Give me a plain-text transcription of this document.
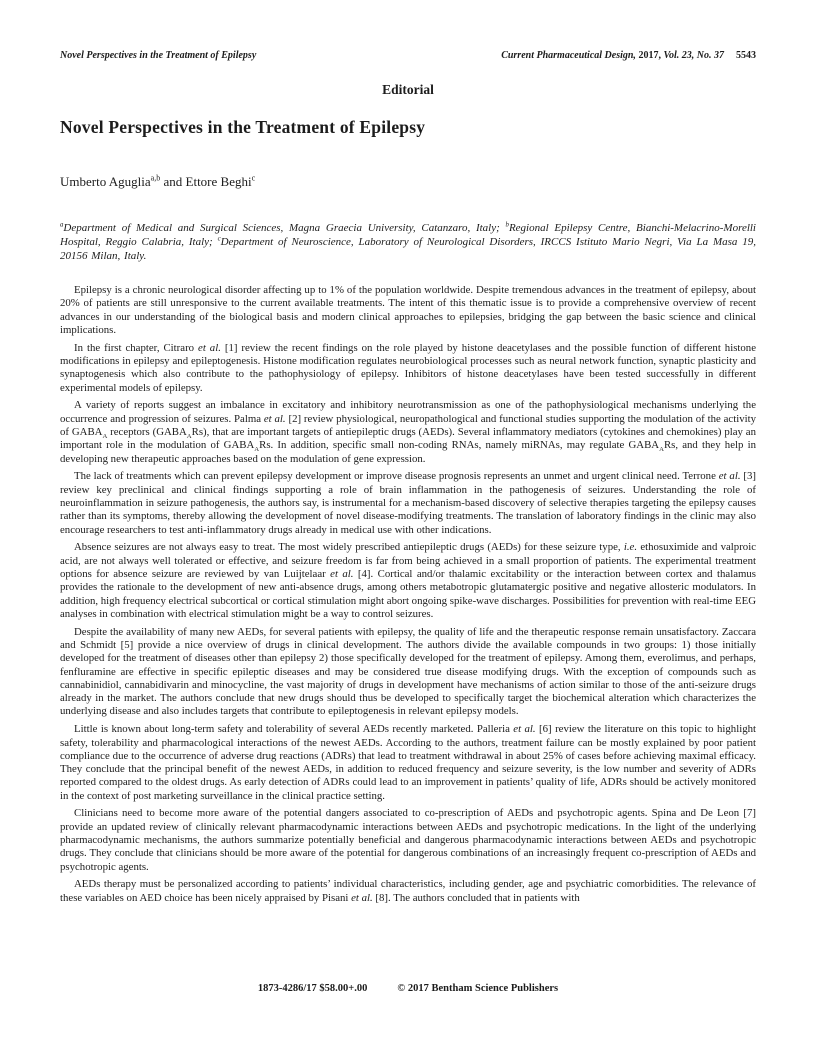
Novel Perspectives in the Treatment of Epilepsy	Current Pharmaceutical Design, 2017, Vol. 23, No. 37 5543
Editorial
Novel Perspectives in the Treatment of Epilepsy
Umberto Aguglia$^{a,b}$ and Ettore Beghi$^c$
$^a$Department of Medical and Surgical Sciences, Magna Graecia University, Catanzaro, Italy; $^b$Regional Epilepsy Centre, Bianchi-Melacrino-Morelli Hospital, Reggio Calabria, Italy; $^c$Department of Neuroscience, Laboratory of Neurological Disorders, IRCCS Istituto Mario Negri, Via La Masa 19, 20156 Milan, Italy.

Epilepsy is a chronic neurological disorder affecting up to 1% of the population worldwide. Despite tremendous advances in the treatment of epilepsy, about 20% of patients are still unresponsive to the current available treatments. The intent of this thematic issue is to provide a comprehensive overview of recent advances in our understanding of the biological basis and modern clinical approaches to epilepsies, bridging the gap between the basic science and clinical implications.

In the first chapter, Citraro et al. [1] review the recent findings on the role played by histone deacetylases and the possible function of different histone modifications in epilepsy and epileptogenesis. Histone modification regulates neurobiological processes such as neural network function, synaptic plasticity and synaptogenesis which also contribute to the pathophysiology of epilepsy. Inhibitors of histone deacetylases have been tested successfully in different experimental models of epilepsy.

A variety of reports suggest an imbalance in excitatory and inhibitory neurotransmission as one of the pathophysiological mechanisms underlying the occurrence and progression of seizures. Palma et al. [2] review physiological, neuropathological and functional studies supporting the modulation of the activity of $GABA_A$ receptors $(GABA_ARs)$, that are important targets of antiepileptic drugs (AEDs). Several inflammatory mediators (cytokines and chemokines) play an important role in the modulation of $GABA_ARs$. In addition, specific small non-coding RNAs, namely miRNAs, may regulate $GABA_ARs$, and they help in developing new therapeutic approaches based on the modulation of gene expression.

The lack of treatments which can prevent epilepsy development or improve disease prognosis represents an unmet and urgent clinical need. Terrone et al. [3] review key preclinical and clinical findings supporting a role of brain inflammation in the pathogenesis of seizures. Understanding the role of neuroinflammation in seizure pathogenesis, the authors say, is instrumental for a mechanism-based discovery of selective therapies targeting the epilepsy causes rather than its symptoms, thereby allowing the development of novel disease-modifying treatments. The translation of laboratory findings in the clinic may also encourage researchers to test anti-inflammatory drugs already in medical use with other indications.

Absence seizures are not always easy to treat. The most widely prescribed antiepileptic drugs (AEDs) for these seizure type, i.e. ethosuximide and valproic acid, are not always well tolerated or effective, and seizure freedom is far from being achieved in a small proportion of patients. The experimental treatment options for absence seizure are reviewed by van Luijtelaar et al. [4]. Cortical and/or thalamic excitability or the interaction between cortex and thalamus provides the rationale to the development of new anti-absence drugs, among others metabotropic glutamatergic positive and negative allosteric modulators. In addition, high frequency electrical subcortical or cortical stimulation might abort ongoing spike-wave discharges. Possibilities for prevention with real-time EEG analyses in combination with electrical stimulation might be a way to control seizures.

Despite the availability of many new AEDs, for several patients with epilepsy, the quality of life and the therapeutic response remain unsatisfactory. Zaccara and Schmidt [5] provide a nice overview of drugs in clinical development. The authors divide the available compounds in two groups: 1) those initially developed for the treatment of diseases other than epilepsy 2) those specifically developed for the treatment of epilepsy. Among them, everolimus, and perhaps, fenfluramine are effective in specific epileptic diseases and may be considered true disease modifying drugs. With the exception of compounds such as cannabinidiol, cannabidivarin and minocycline, the vast majority of drugs in development have mechanisms of action similar to those of the anti-seizure drugs already in the market. The authors conclude that new drugs should thus be developed to specifically target the biochemical alteration which characterizes the underlying disease and also includes targets that contribute to epileptogenesis in relevant epilepsy models.

Little is known about long-term safety and tolerability of several AEDs recently marketed. Palleria et al. [6] review the literature on this topic to highlight safety, tolerability and pharmacological interactions of the newest AEDs. According to the authors, treatment failure can be mostly explained by poor patient compliance due to the occurrence of adverse drug reactions (ADRs) that lead to treatment withdrawal in about 25% of cases before achieving maximal efficacy. They conclude that the principal benefit of the newest AEDs, in addition to reduced frequency and seizure severity, is the low number and severity of ADRs reported compared to the oldest drugs. As early detection of ADRs could lead to an improvement in patients’ quality of life, ADRs should be actively monitored in the context of post marketing surveillance in the clinical practice setting.

Clinicians need to become more aware of the potential dangers associated to co-prescription of AEDs and psychotropic agents. Spina and De Leon [7] provide an updated review of clinically relevant pharmacodynamic interactions between AEDs and psychotropic medications. In the light of the underlying pharmacodynamic mechanisms, the authors summarize potentially beneficial and dangerous pharmacodynamic interactions between AEDs and psychotropic drugs. They conclude that clinicians should be more aware of the potential for dangerous combinations of an increasingly frequent co-prescription of AEDs and psychotropic agents.

AEDs therapy must be personalized according to patients’ individual characteristics, including gender, age and psychiatric comorbidities. The relevance of these variables on AED choice has been nicely appraised by Pisani et al. [8]. The authors concluded that in patients with

1873-4286/17 $58.00+.00	© 2017 Bentham Science Publishers
